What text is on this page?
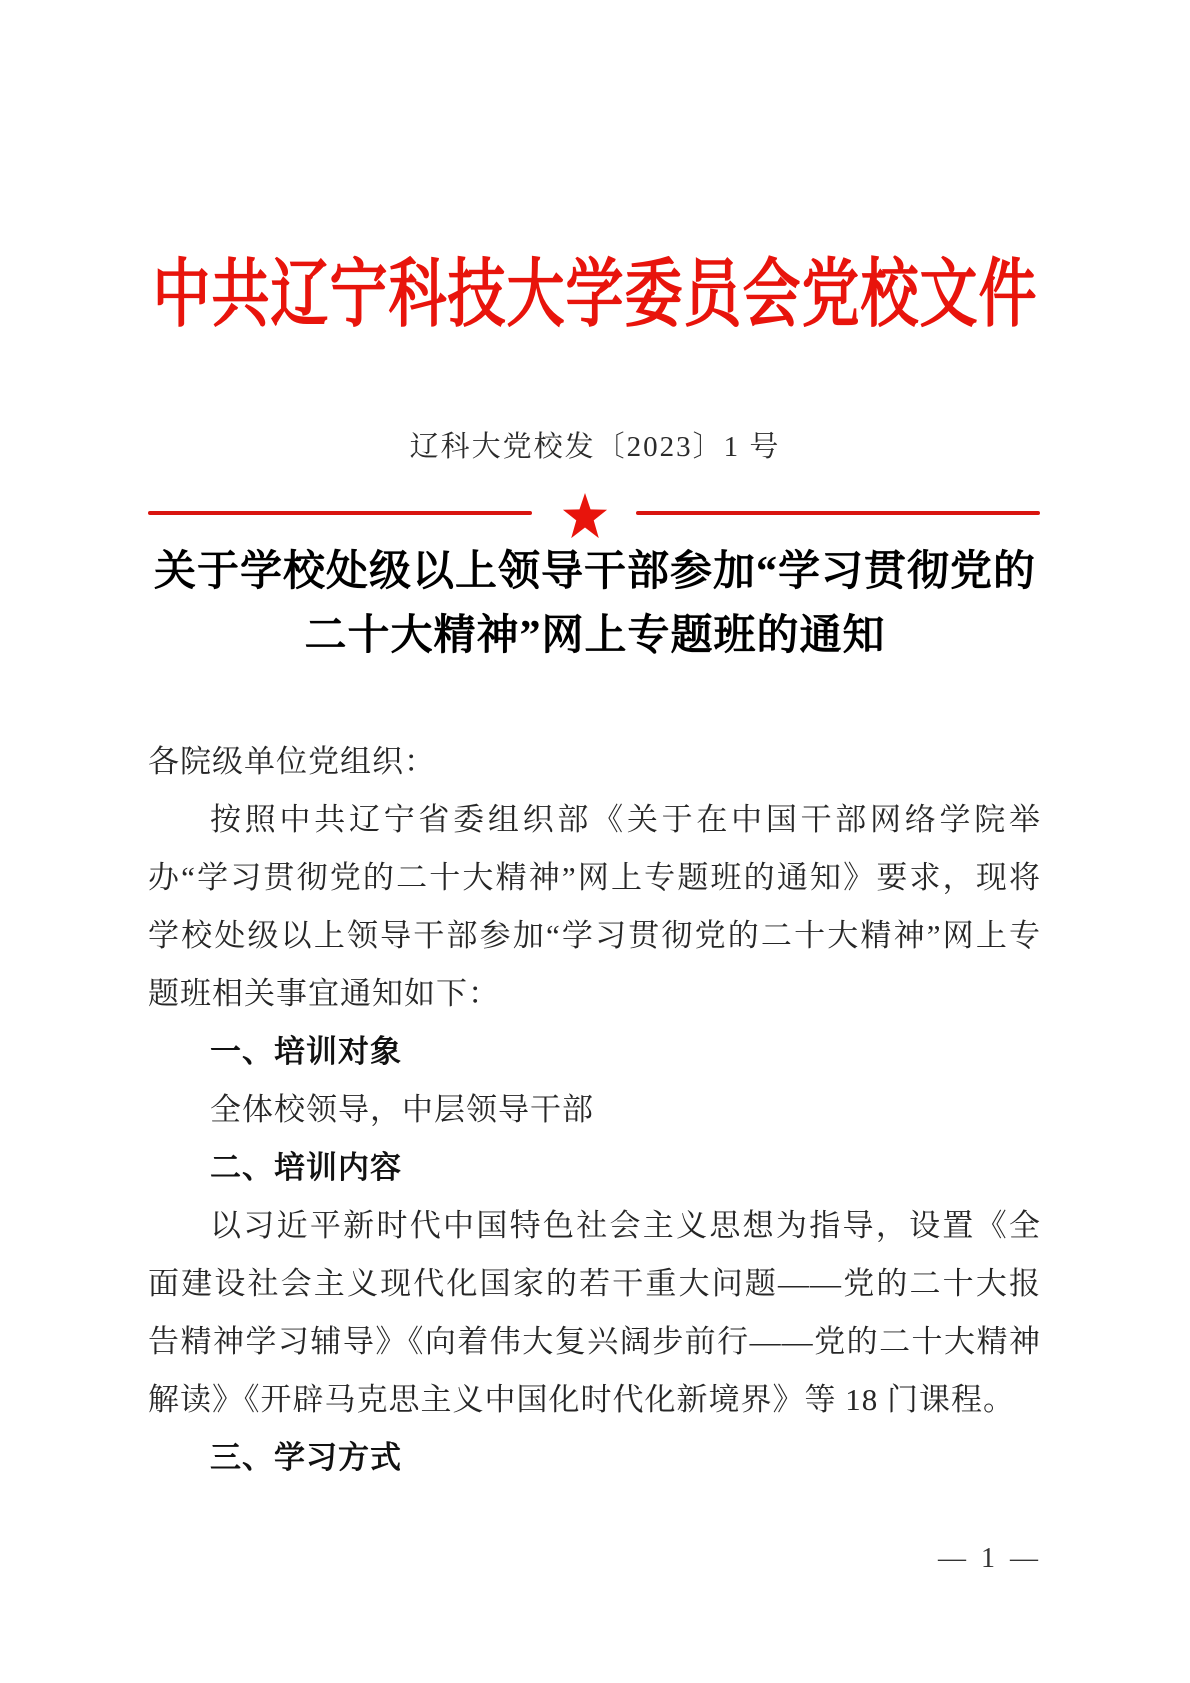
中共辽宁科技大学委员会党校文件
辽科大党校发〔2023〕1 号
关于学校处级以上领导干部参加“学习贯彻党的
二十大精神”网上专题班的通知

各院级单位党组织：

按照中共辽宁省委组织部《关于在中国干部网络学院举办“学习贯彻党的二十大精神”网上专题班的通知》要求，现将学校处级以上领导干部参加“学习贯彻党的二十大精神”网上专题班相关事宜通知如下：

一、培训对象

全体校领导，中层领导干部

二、培训内容

以习近平新时代中国特色社会主义思想为指导，设置《全面建设社会主义现代化国家的若干重大问题——党的二十大报告精神学习辅导》《向着伟大复兴阔步前行——党的二十大精神解读》《开辟马克思主义中国化时代化新境界》等 18 门课程。

三、学习方式
— 1 —
